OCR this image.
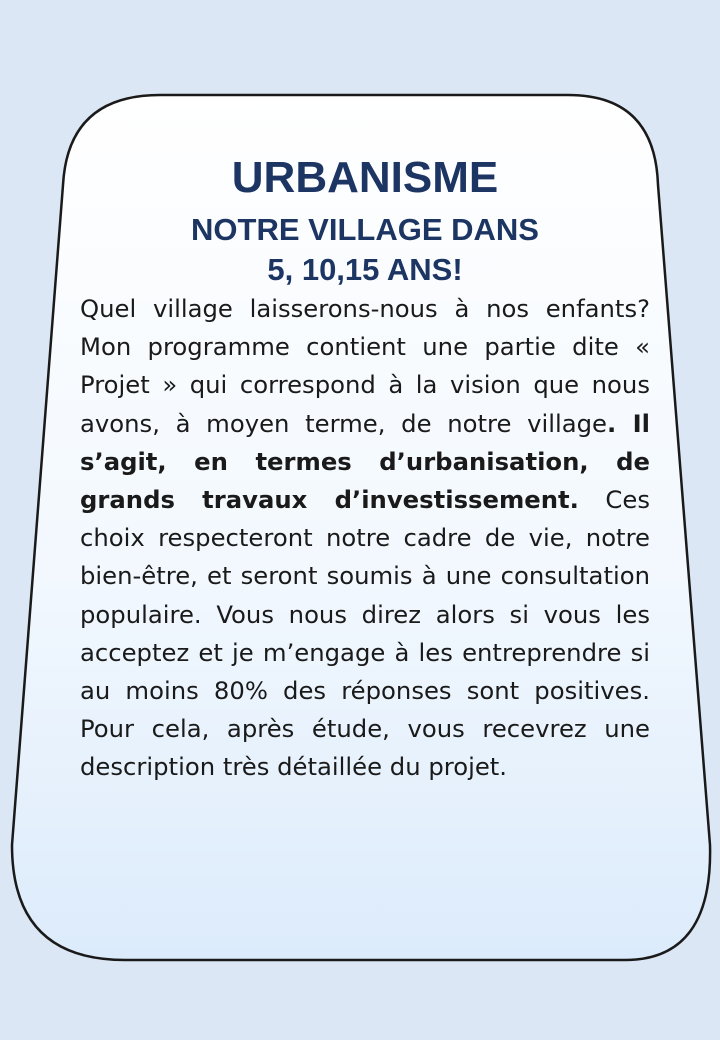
URBANISME
NOTRE VILLAGE DANS
5, 10,15 ANS!

Quel village laisserons-nous à nos enfants? Mon programme contient une partie dite « Projet » qui correspond à la vision que nous avons, à moyen terme, de notre village. Il s’agit, en termes d’urbanisation, de grands travaux d’investissement. Ces choix respecteront notre cadre de vie, notre bien-être, et seront soumis à une consultation populaire. Vous nous direz alors si vous les acceptez et je m’engage à les entreprendre si au moins 80% des réponses sont positives. Pour cela, après étude, vous recevrez une description très détaillée du projet.
